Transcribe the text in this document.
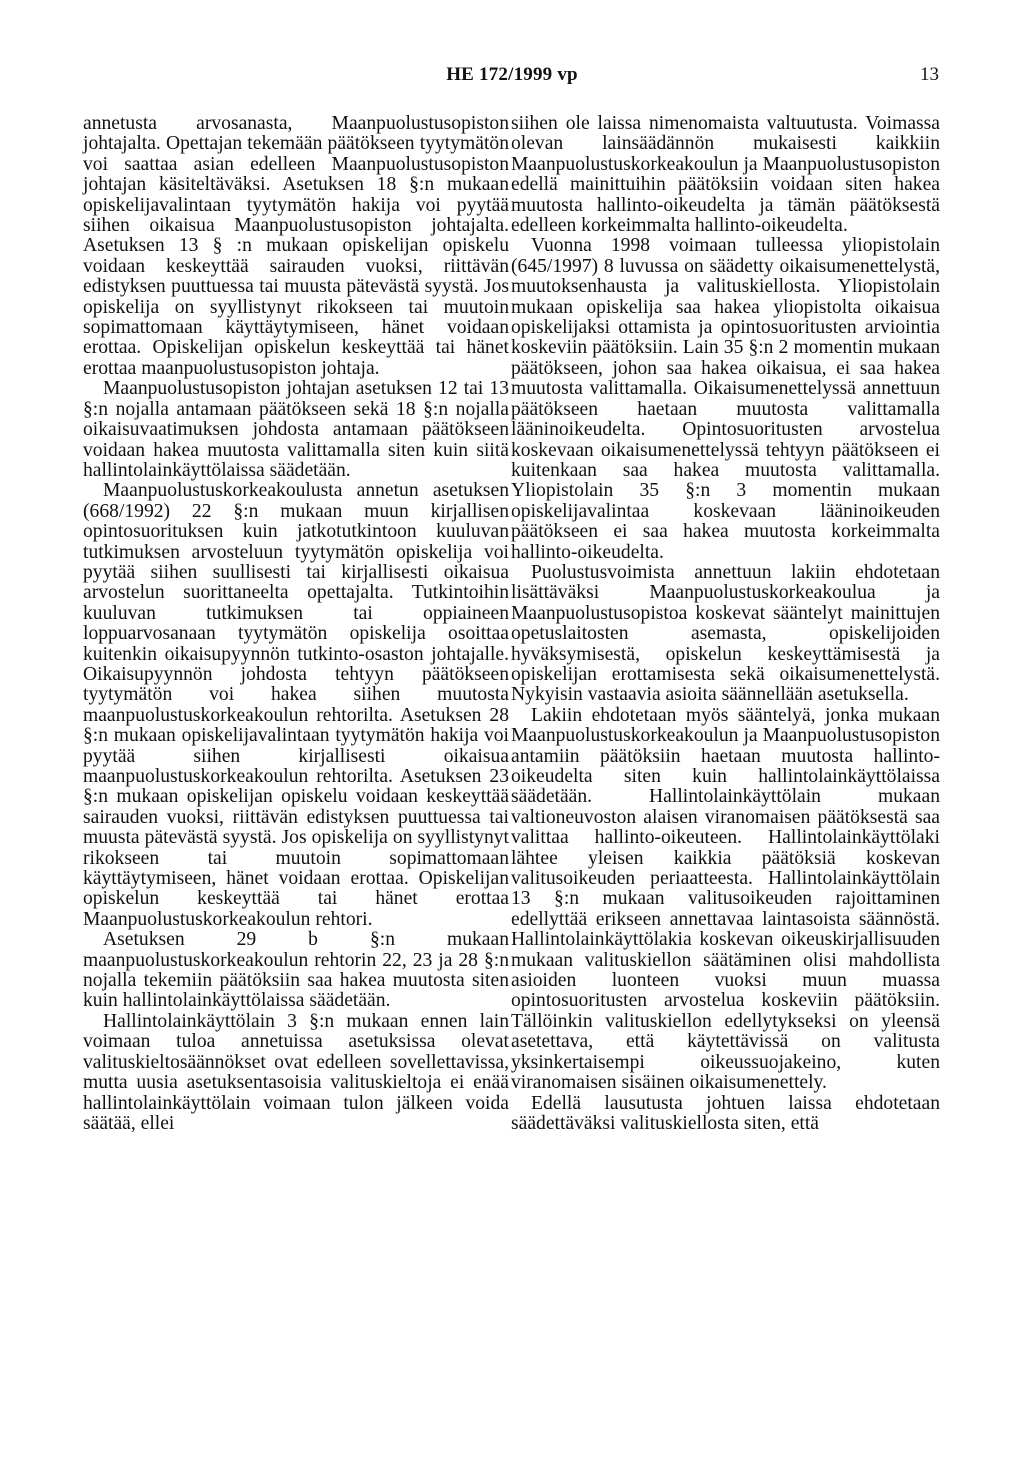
HE 172/1999 vp	13

annetusta arvosanasta, Maanpuolustusopiston johtajalta. Opettajan tekemään päätökseen tyytymätön voi saattaa asian edelleen Maanpuolustusopiston johtajan käsiteltäväksi. Asetuksen 18 §:n mukaan opiskelijavalintaan tyytymätön hakija voi pyytää siihen oikaisua Maanpuolustusopiston johtajalta. Asetuksen 13 § :n mukaan opiskelijan opiskelu voidaan keskeyttää sairauden vuoksi, riittävän edistyksen puuttuessa tai muusta pätevästä syystä. Jos opiskelija on syyllistynyt rikokseen tai muutoin sopimattomaan käyttäytymiseen, hänet voidaan erottaa. Opiskelijan opiskelun keskeyttää tai hänet erottaa maanpuolustusopiston johtaja.

Maanpuolustusopiston johtajan asetuksen 12 tai 13 §:n nojalla antamaan päätökseen sekä 18 §:n nojalla oikaisuvaatimuksen johdosta antamaan päätökseen voidaan hakea muutosta valittamalla siten kuin siitä hallintolainkäyttölaissa säädetään.

Maanpuolustuskorkeakoulusta annetun asetuksen (668/1992) 22 §:n mukaan muun kirjallisen opintosuorituksen kuin jatkotutkintoon kuuluvan tutkimuksen arvosteluun tyytymätön opiskelija voi pyytää siihen suullisesti tai kirjallisesti oikaisua arvostelun suorittaneelta opettajalta. Tutkintoihin kuuluvan tutkimuksen tai oppiaineen loppuarvosanaan tyytymätön opiskelija osoittaa kuitenkin oikaisupyynnön tutkinto-osaston johtajalle. Oikaisupyynnön johdosta tehtyyn päätökseen tyytymätön voi hakea siihen muutosta maanpuolustuskorkeakoulun rehtorilta. Asetuksen 28 §:n mukaan opiskelijavalintaan tyytymätön hakija voi pyytää siihen kirjallisesti oikaisua maanpuolustuskorkeakoulun rehtorilta. Asetuksen 23 §:n mukaan opiskelijan opiskelu voidaan keskeyttää sairauden vuoksi, riittävän edistyksen puuttuessa tai muusta pätevästä syystä. Jos opiskelija on syyllistynyt rikokseen tai muutoin sopimattomaan käyttäytymiseen, hänet voidaan erottaa. Opiskelijan opiskelun keskeyttää tai hänet erottaa Maanpuolustuskorkeakoulun rehtori.

Asetuksen 29 b §:n mukaan maanpuolustuskorkeakoulun rehtorin 22, 23 ja 28 §:n nojalla tekemiin päätöksiin saa hakea muutosta siten kuin hallintolainkäyttölaissa säädetään.

Hallintolainkäyttölain 3 §:n mukaan ennen lain voimaan tuloa annetuissa asetuksissa olevat valituskieltosäännökset ovat edelleen sovellettavissa, mutta uusia asetuksentasoisia valituskieltoja ei enää hallintolainkäyttölain voimaan tulon jälkeen voida säätää, ellei

siihen ole laissa nimenomaista valtuutusta. Voimassa olevan lainsäädännön mukaisesti kaikkiin Maanpuolustuskorkeakoulun ja Maanpuolustusopiston edellä mainittuihin päätöksiin voidaan siten hakea muutosta hallinto-oikeudelta ja tämän päätöksestä edelleen korkeimmalta hallinto-oikeudelta.

Vuonna 1998 voimaan tulleessa yliopistolain (645/1997) 8 luvussa on säädetty oikaisumenettelystä, muutoksenhausta ja valituskiellosta. Yliopistolain mukaan opiskelija saa hakea yliopistolta oikaisua opiskelijaksi ottamista ja opintosuoritusten arviointia koskeviin päätöksiin. Lain 35 §:n 2 momentin mukaan päätökseen, johon saa hakea oikaisua, ei saa hakea muutosta valittamalla. Oikaisumenettelyssä annettuun päätökseen haetaan muutosta valittamalla lääninoikeudelta. Opintosuoritusten arvostelua koskevaan oikaisumenettelyssä tehtyyn päätökseen ei kuitenkaan saa hakea muutosta valittamalla. Yliopistolain 35 §:n 3 momentin mukaan opiskelijavalintaa koskevaan lääninoikeuden päätökseen ei saa hakea muutosta korkeimmalta hallinto-oikeudelta.

Puolustusvoimista annettuun lakiin ehdotetaan lisättäväksi Maanpuolustuskorkeakoulua ja Maanpuolustusopistoa koskevat sääntelyt mainittujen opetuslaitosten asemasta, opiskelijoiden hyväksymisestä, opiskelun keskeyttämisestä ja opiskelijan erottamisesta sekä oikaisumenettelystä. Nykyisin vastaavia asioita säännellään asetuksella.

Lakiin ehdotetaan myös sääntelyä, jonka mukaan Maanpuolustuskorkeakoulun ja Maanpuolustusopiston antamiin päätöksiin haetaan muutosta hallinto-oikeudelta siten kuin hallintolainkäyttölaissa säädetään. Hallintolainkäyttölain mukaan valtioneuvoston alaisen viranomaisen päätöksestä saa valittaa hallinto-oikeuteen. Hallintolainkäyttölaki lähtee yleisen kaikkia päätöksiä koskevan valitusoikeuden periaatteesta. Hallintolainkäyttölain 13 §:n mukaan valitusoikeuden rajoittaminen edellyttää erikseen annettavaa laintasoista säännöstä. Hallintolainkäyttölakia koskevan oikeuskirjallisuuden mukaan valituskiellon säätäminen olisi mahdollista asioiden luonteen vuoksi muun muassa opintosuoritusten arvostelua koskeviin päätöksiin. Tällöinkin valituskiellon edellytykseksi on yleensä asetettava, että käytettävissä on valitusta yksinkertaisempi oikeussuojakeino, kuten viranomaisen sisäinen oikaisumenettely.

Edellä lausutusta johtuen laissa ehdotetaan säädettäväksi valituskiellosta siten, että
